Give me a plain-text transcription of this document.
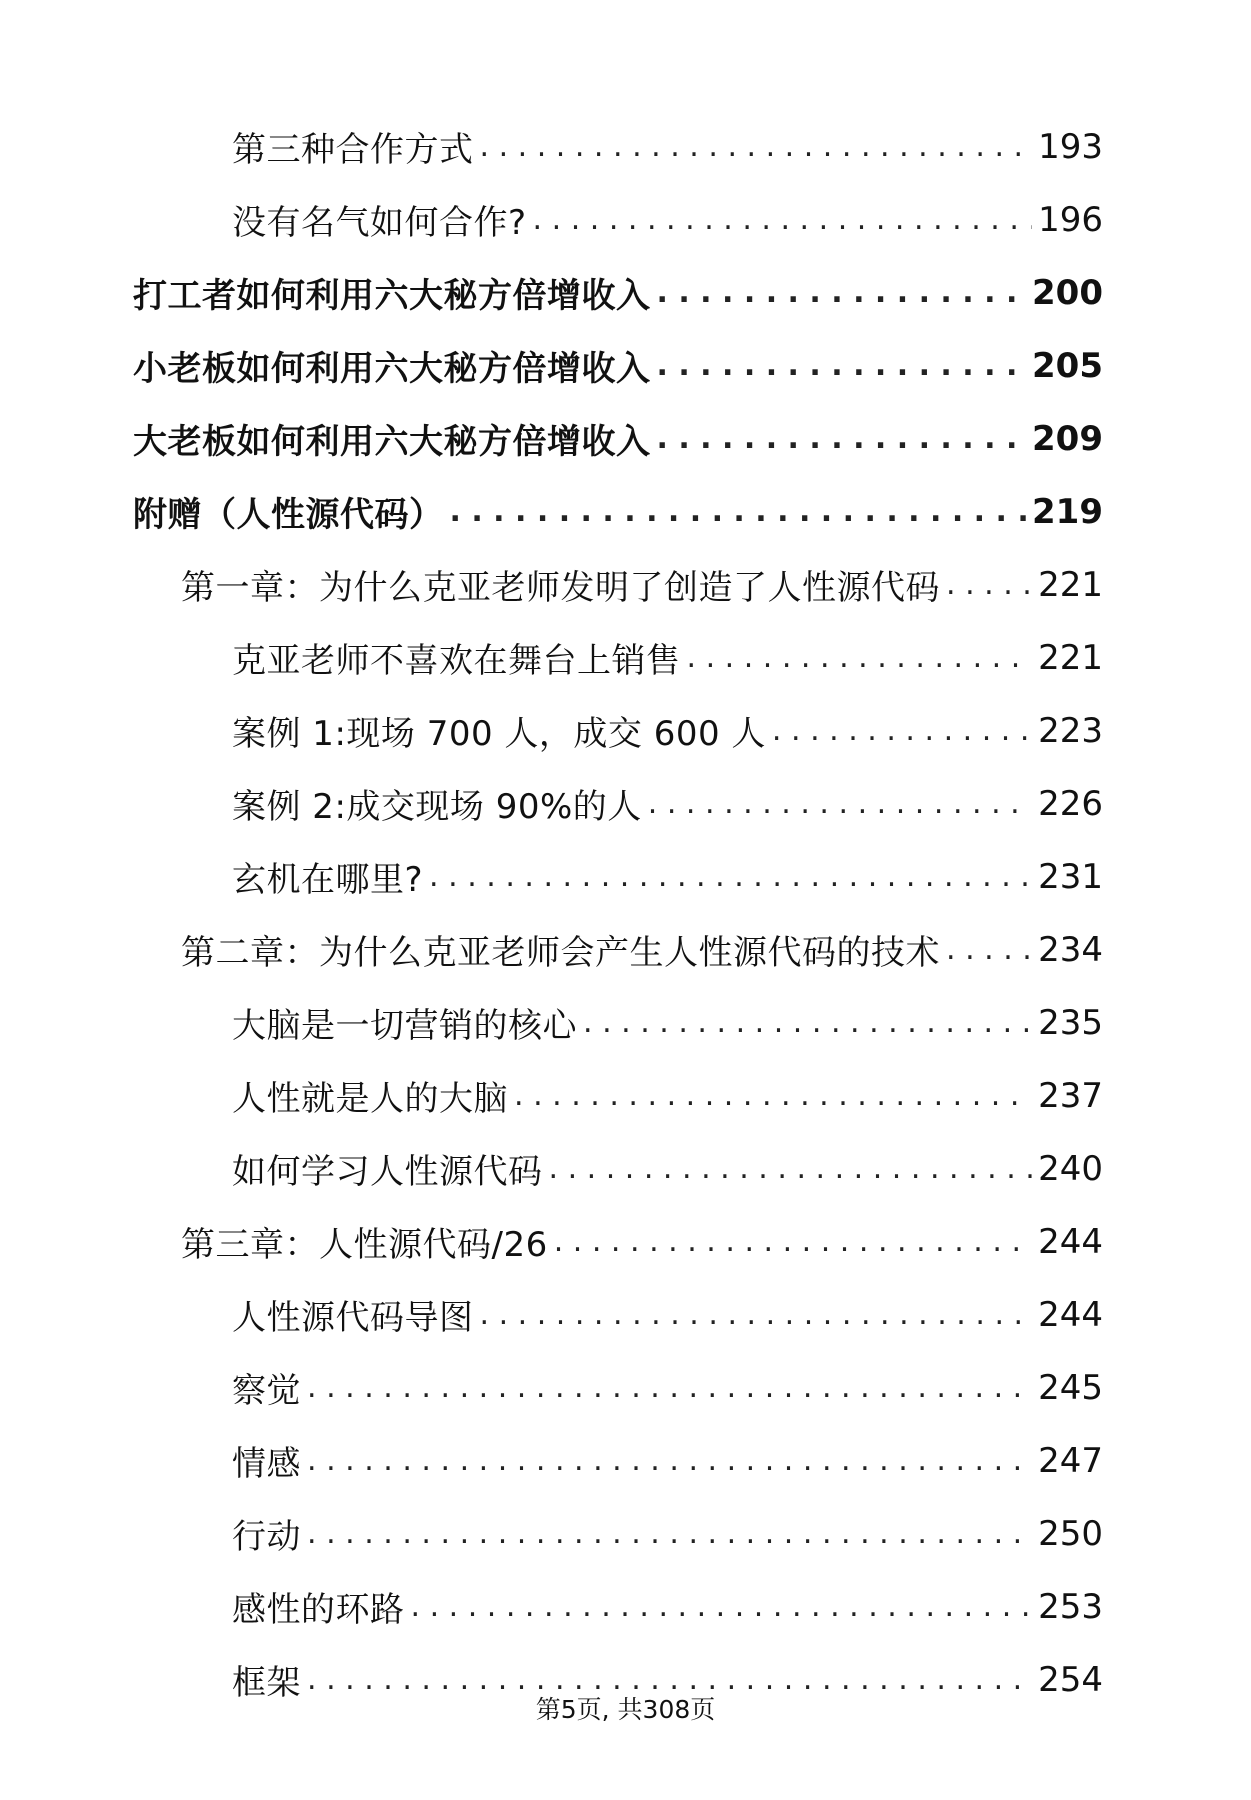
第三种合作方式 . . .	193
没有名气如何合作? . . .	196
打工者如何利用六大秘方倍增收入 . . .	200
小老板如何利用六大秘方倍增收入 . . .	205
大老板如何利用六大秘方倍增收入 . . .	209
附赠（人性源代码） . . .	219
第一章：为什么克亚老师发明了创造了人性源代码 . . .	221
克亚老师不喜欢在舞台上销售 . . .	221
案例 1:现场 700 人，成交 600 人 . . .	223
案例 2:成交现场 90%的人 . . .	226
玄机在哪里? . . .	231
第二章：为什么克亚老师会产生人性源代码的技术 . . .	234
大脑是一切营销的核心 . . .	235
人性就是人的大脑 . . .	237
如何学习人性源代码 . . .	240
第三章：人性源代码/26 . . .	244
人性源代码导图 . . .	244
察觉 . . .	245
情感 . . .	247
行动 . . .	250
感性的环路 . . .	253
框架 . . .	254
第5页, 共308页
